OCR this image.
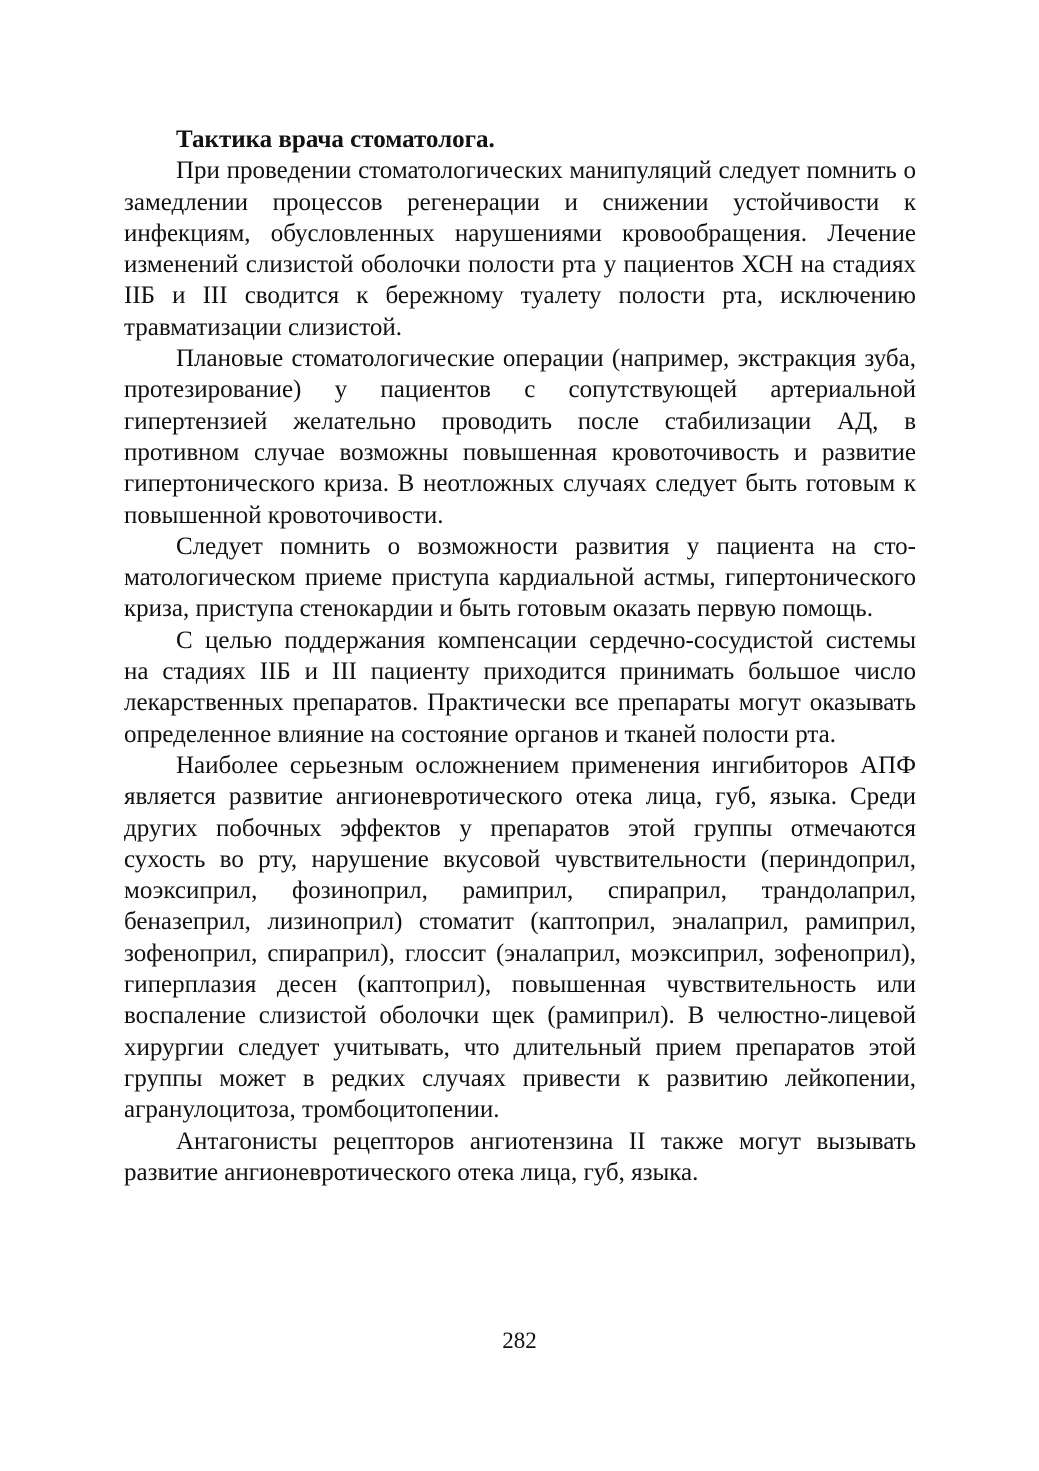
Тактика врача стоматолога.

При проведении стоматологических манипуляций следует помнить о замедлении процессов регенерации и снижении устойчивости к инфекциям, обусловленных нарушениями кровообращения. Лечение изменений слизистой оболочки полости рта у пациентов ХСН на стадиях IIБ и III сводится к бережному туалету полости рта, исключению травматизации слизистой.

Плановые стоматологические операции (например, экстракция зуба, протезирование) у пациентов с сопутствующей артериальной гипертензией желательно проводить после стабилизации АД, в противном случае возможны повышенная кровоточивость и развитие гипертонического криза. В неотложных случаях следует быть готовым к повышенной кровоточивости.

Следует помнить о возможности развития у пациента на стоматологическом приеме приступа кардиальной астмы, гипертонического криза, приступа стенокардии и быть готовым оказать первую помощь.

С целью поддержания компенсации сердечно-сосудистой системы на стадиях IIБ и III пациенту приходится принимать большое число лекарственных препаратов. Практически все препараты могут оказывать определенное влияние на состояние органов и тканей полости рта.

Наиболее серьезным осложнением применения ингибиторов АПФ является развитие ангионевротического отека лица, губ, языка. Среди других побочных эффектов у препаратов этой группы отмечаются сухость во рту, нарушение вкусовой чувствительности (периндоприл, моэксиприл, фозиноприл, рамиприл, спираприл, трандолаприл, беназеприл, лизиноприл) стоматит (каптоприл, эналаприл, рамиприл, зофеноприл, спираприл), глоссит (эналаприл, моэксиприл, зофеноприл), гиперплазия десен (каптоприл), повышенная чувствительность или воспаление слизистой оболочки щек (рамиприл). В челюстно-лицевой хирургии следует учитывать, что длительный прием препаратов этой группы может в редких случаях привести к развитию лейкопении, агранулоцитоза, тромбоцитопении.

Антагонисты рецепторов ангиотензина II также могут вызывать развитие ангионевротического отека лица, губ, языка.

282
